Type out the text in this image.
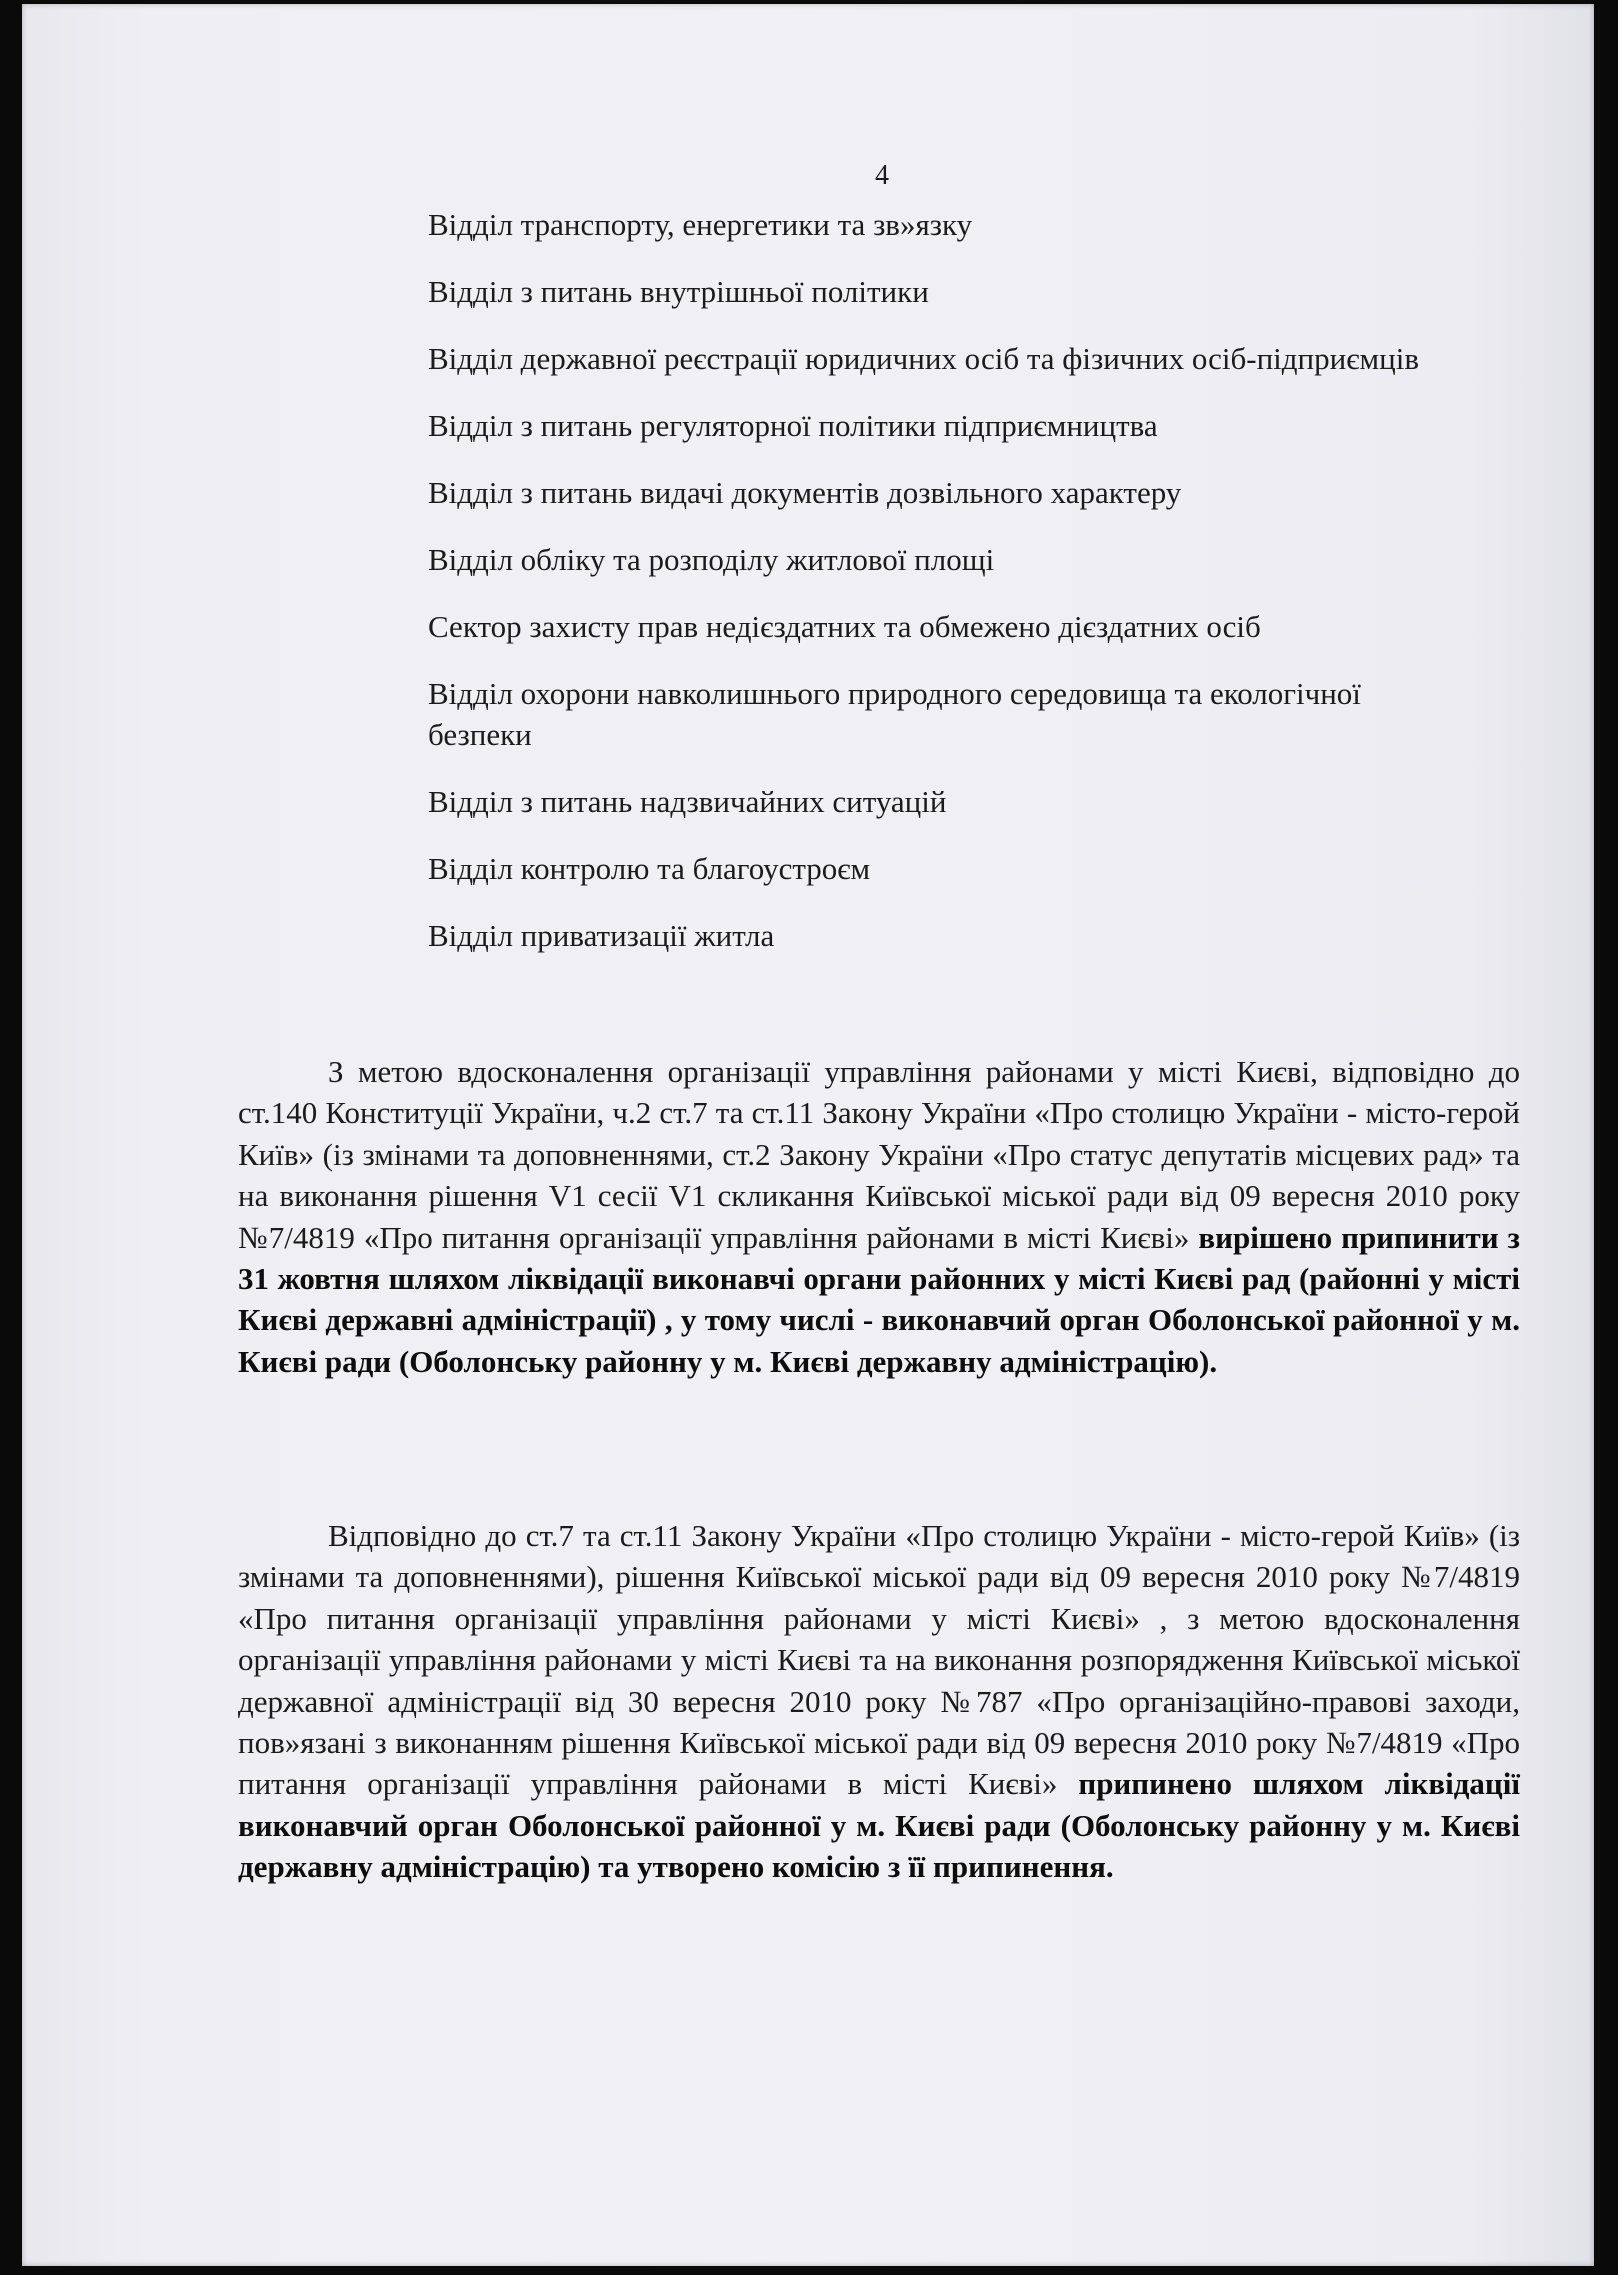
4
Відділ транспорту, енергетики та зв»язку
Відділ з питань внутрішньої політики
Відділ державної реєстрації юридичних осіб та фізичних осіб-підприємців
Відділ з питань регуляторної політики підприємництва
Відділ з питань видачі документів дозвільного характеру
Відділ обліку та розподілу житлової площі
Сектор захисту прав недієздатних та обмежено дієздатних осіб
Відділ охорони навколишнього природного середовища та екологічної безпеки
Відділ з питань надзвичайних ситуацій
Відділ контролю та благоустроєм
Відділ приватизації житла

З метою вдосконалення організації управління районами у місті Києві, відповідно до ст.140 Конституції України, ч.2 ст.7 та ст.11 Закону України «Про столицю України - місто-герой Київ» (із змінами та доповненнями, ст.2 Закону України «Про статус депутатів місцевих рад» та на виконання рішення V1 сесії V1 скликання Київської міської ради від 09 вересня 2010 року №7/4819 «Про питання організації управління районами в місті Києві» вирішено припинити з 31 жовтня шляхом ліквідації виконавчі органи районних у місті Києві рад (районні у місті Києві державні адміністрації) , у тому числі - виконавчий орган Оболонської районної у м. Києві ради (Оболонську районну у м. Києві державну адміністрацію).

Відповідно до ст.7 та ст.11 Закону України «Про столицю України - місто-герой Київ» (із змінами та доповненнями), рішення Київської міської ради від 09 вересня 2010 року №7/4819 «Про питання організації управління районами у місті Києві» , з метою вдосконалення організації управління районами у місті Києві та на виконання розпорядження Київської міської державної адміністрації від 30 вересня 2010 року №787 «Про організаційно-правові заходи, пов»язані з виконанням рішення Київської міської ради від 09 вересня 2010 року №7/4819 «Про питання організації управління районами в місті Києві» припинено шляхом ліквідації виконавчий орган Оболонської районної у м. Києві ради (Оболонську районну у м. Києві державну адміністрацію) та утворено комісію з її припинення.
